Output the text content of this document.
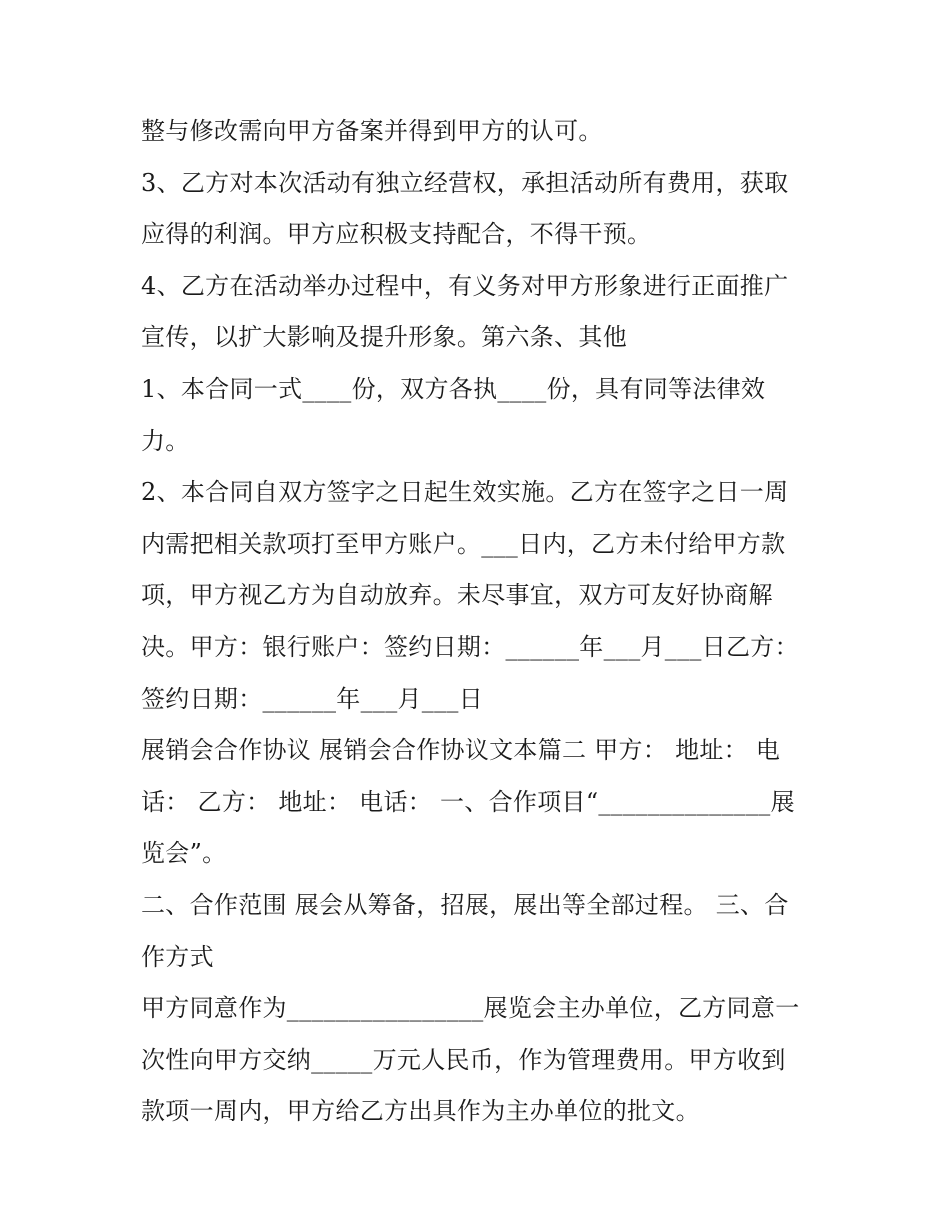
整与修改需向甲方备案并得到甲方的认可。
3、乙方对本次活动有独立经营权，承担活动所有费用，获取
应得的利润。甲方应积极支持配合，不得干预。
4、乙方在活动举办过程中，有义务对甲方形象进行正面推广
宣传，以扩大影响及提升形象。第六条、其他
1、本合同一式____份，双方各执____份，具有同等法律效
力。
2、本合同自双方签字之日起生效实施。乙方在签字之日一周
内需把相关款项打至甲方账户。___日内，乙方未付给甲方款
项，甲方视乙方为自动放弃。未尽事宜，双方可友好协商解
决。甲方：银行账户：签约日期：______年___月___日乙方：
签约日期：______年___月___日
展销会合作协议 展销会合作协议文本篇二 甲方： 地址： 电
话： 乙方： 地址： 电话： 一、合作项目“______________展
览会”。
二、合作范围 展会从筹备，招展，展出等全部过程。 三、合
作方式
甲方同意作为________________展览会主办单位，乙方同意一
次性向甲方交纳_____万元人民币，作为管理费用。甲方收到
款项一周内，甲方给乙方出具作为主办单位的批文。
